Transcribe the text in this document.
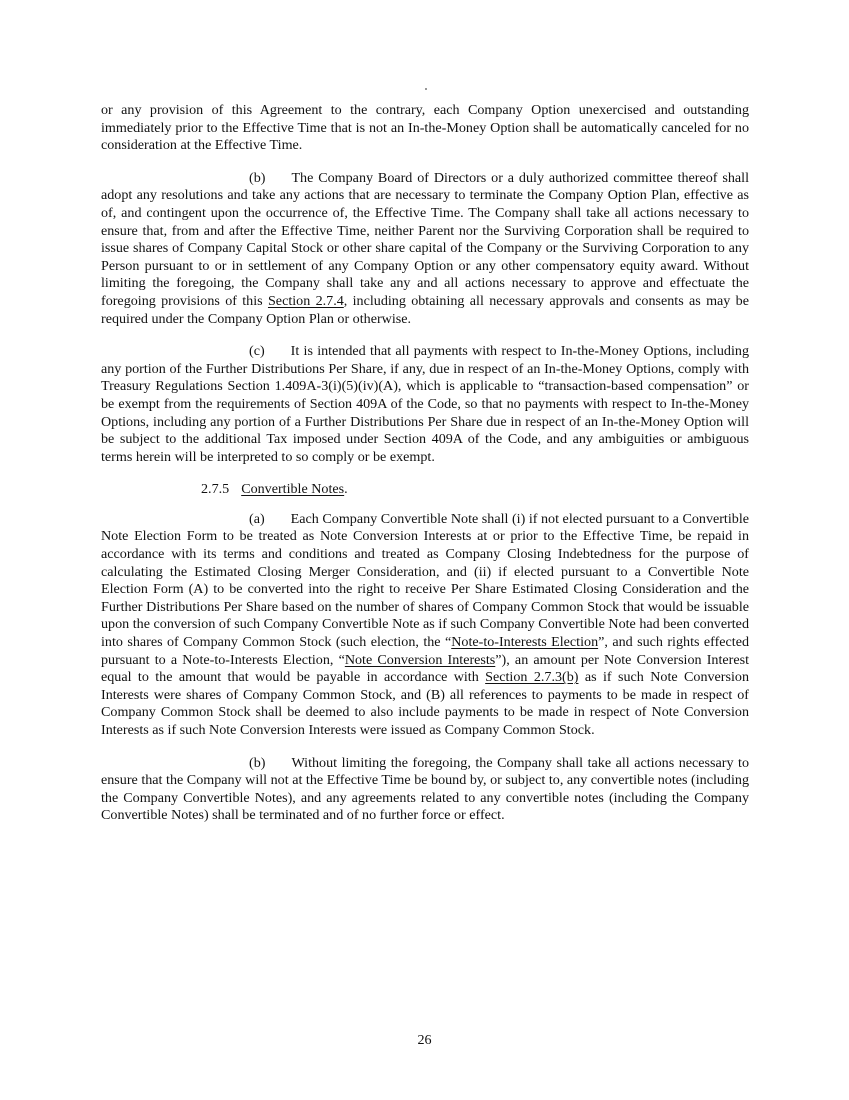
or any provision of this Agreement to the contrary, each Company Option unexercised and outstanding immediately prior to the Effective Time that is not an In-the-Money Option shall be automatically canceled for no consideration at the Effective Time.

(b) The Company Board of Directors or a duly authorized committee thereof shall adopt any resolutions and take any actions that are necessary to terminate the Company Option Plan, effective as of, and contingent upon the occurrence of, the Effective Time. The Company shall take all actions necessary to ensure that, from and after the Effective Time, neither Parent nor the Surviving Corporation shall be required to issue shares of Company Capital Stock or other share capital of the Company or the Surviving Corporation to any Person pursuant to or in settlement of any Company Option or any other compensatory equity award. Without limiting the foregoing, the Company shall take any and all actions necessary to approve and effectuate the foregoing provisions of this Section 2.7.4, including obtaining all necessary approvals and consents as may be required under the Company Option Plan or otherwise.

(c) It is intended that all payments with respect to In-the-Money Options, including any portion of the Further Distributions Per Share, if any, due in respect of an In-the-Money Options, comply with Treasury Regulations Section 1.409A-3(i)(5)(iv)(A), which is applicable to “transaction-based compensation” or be exempt from the requirements of Section 409A of the Code, so that no payments with respect to In-the-Money Options, including any portion of a Further Distributions Per Share due in respect of an In-the-Money Option will be subject to the additional Tax imposed under Section 409A of the Code, and any ambiguities or ambiguous terms herein will be interpreted to so comply or be exempt.

2.7.5 Convertible Notes.

(a) Each Company Convertible Note shall (i) if not elected pursuant to a Convertible Note Election Form to be treated as Note Conversion Interests at or prior to the Effective Time, be repaid in accordance with its terms and conditions and treated as Company Closing Indebtedness for the purpose of calculating the Estimated Closing Merger Consideration, and (ii) if elected pursuant to a Convertible Note Election Form (A) to be converted into the right to receive Per Share Estimated Closing Consideration and the Further Distributions Per Share based on the number of shares of Company Common Stock that would be issuable upon the conversion of such Company Convertible Note as if such Company Convertible Note had been converted into shares of Company Common Stock (such election, the “Note-to-Interests Election”, and such rights effected pursuant to a Note-to-Interests Election, “Note Conversion Interests”), an amount per Note Conversion Interest equal to the amount that would be payable in accordance with Section 2.7.3(b) as if such Note Conversion Interests were shares of Company Common Stock, and (B) all references to payments to be made in respect of Company Common Stock shall be deemed to also include payments to be made in respect of Note Conversion Interests as if such Note Conversion Interests were issued as Company Common Stock.

(b) Without limiting the foregoing, the Company shall take all actions necessary to ensure that the Company will not at the Effective Time be bound by, or subject to, any convertible notes (including the Company Convertible Notes), and any agreements related to any convertible notes (including the Company Convertible Notes) shall be terminated and of no further force or effect.

26
